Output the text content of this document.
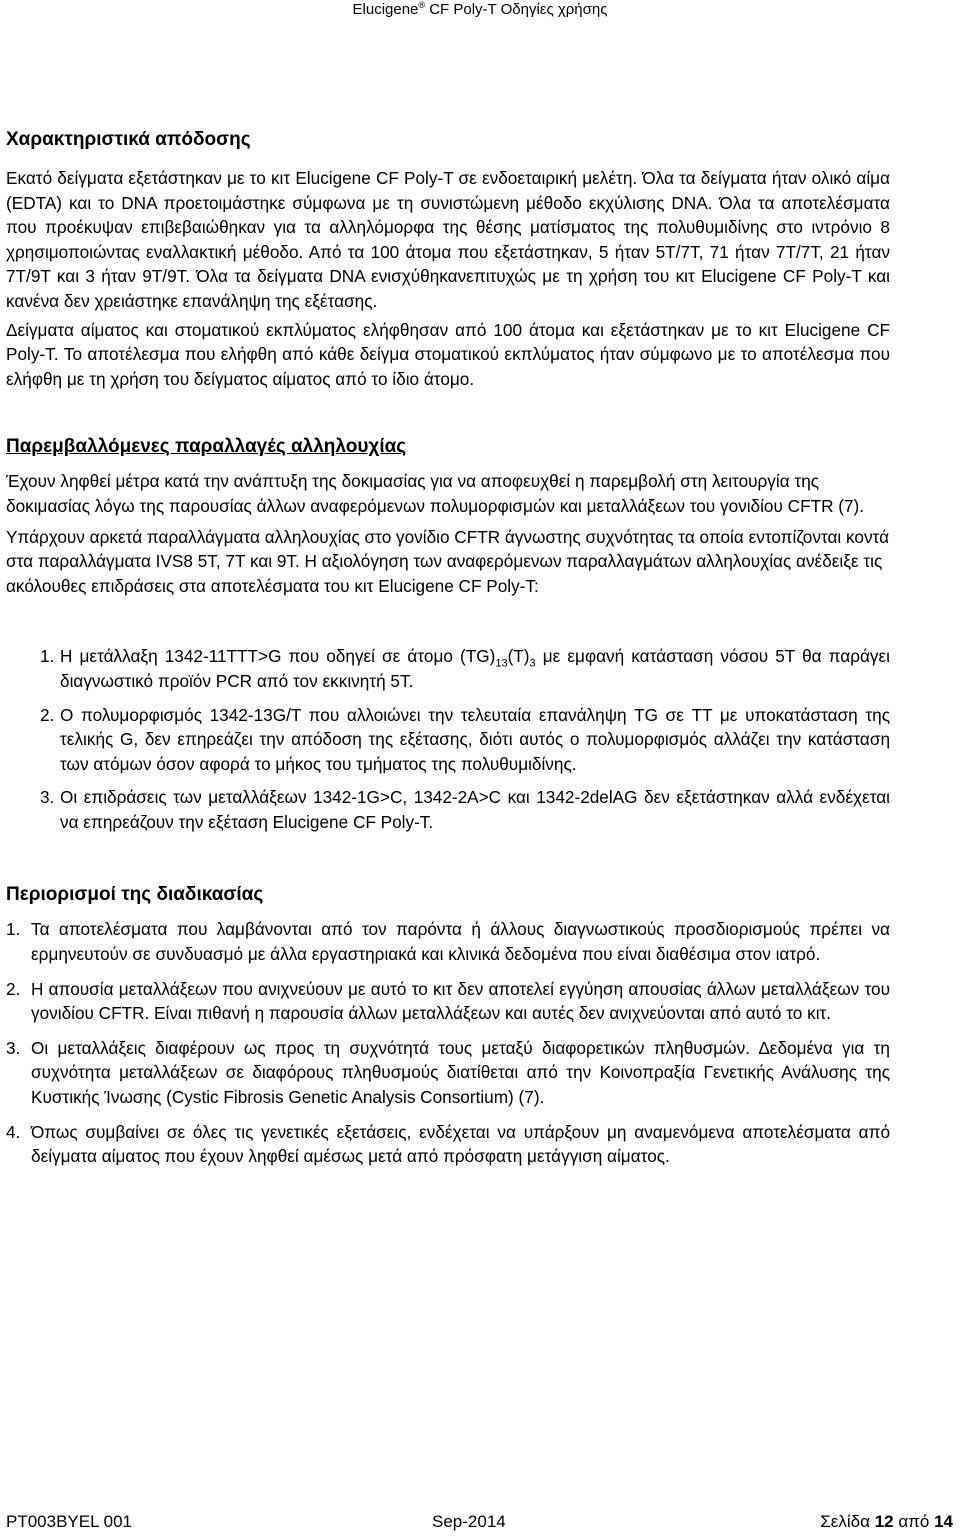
Elucigene® CF Poly-T Οδηγίες χρήσης
Χαρακτηριστικά απόδοσης

Εκατό δείγματα εξετάστηκαν με το κιτ Elucigene CF Poly-T σε ενδοεταιρική μελέτη. Όλα τα δείγματα ήταν ολικό αίμα (EDTA) και το DNA προετοιμάστηκε σύμφωνα με τη συνιστώμενη μέθοδο εκχύλισης DNA. Όλα τα αποτελέσματα που προέκυψαν επιβεβαιώθηκαν για τα αλληλόμορφα της θέσης ματίσματος της πολυθυμιδίνης στο ιντρόνιο 8 χρησιμοποιώντας εναλλακτική μέθοδο. Από τα 100 άτομα που εξετάστηκαν, 5 ήταν 5T/7T, 71 ήταν 7T/7T, 21 ήταν 7T/9T και 3 ήταν 9T/9T. Όλα τα δείγματα DNA ενισχύθηκανεπιτυχώς με τη χρήση του κιτ Elucigene CF Poly-T και κανένα δεν χρειάστηκε επανάληψη της εξέτασης.

Δείγματα αίματος και στοματικού εκπλύματος ελήφθησαν από 100 άτομα και εξετάστηκαν με το κιτ Elucigene CF Poly-T. Το αποτέλεσμα που ελήφθη από κάθε δείγμα στοματικού εκπλύματος ήταν σύμφωνο με το αποτέλεσμα που ελήφθη με τη χρήση του δείγματος αίματος από το ίδιο άτομο.

Παρεμβαλλόμενες παραλλαγές αλληλουχίας

Έχουν ληφθεί μέτρα κατά την ανάπτυξη της δοκιμασίας για να αποφευχθεί η παρεμβολή στη λειτουργία της δοκιμασίας λόγω της παρουσίας άλλων αναφερόμενων πολυμορφισμών και μεταλλάξεων του γονιδίου CFTR (7).

Υπάρχουν αρκετά παραλλάγματα αλληλουχίας στο γονίδιο CFTR άγνωστης συχνότητας τα οποία εντοπίζονται κοντά στα παραλλάγματα IVS8 5T, 7T και 9T. Η αξιολόγηση των αναφερόμενων παραλλαγμάτων αλληλουχίας ανέδειξε τις ακόλουθες επιδράσεις στα αποτελέσματα του κιτ Elucigene CF Poly-T:

1. Η μετάλλαξη 1342-11TTT>G που οδηγεί σε άτομο $(TG)_{13}(T)_3$ με εμφανή κατάσταση νόσου 5T θα παράγει διαγνωστικό προϊόν PCR από τον εκκινητή 5T.

2. Ο πολυμορφισμός 1342-13G/T που αλλοιώνει την τελευταία επανάληψη TG σε TT με υποκατάσταση της τελικής G, δεν επηρεάζει την απόδοση της εξέτασης, διότι αυτός ο πολυμορφισμός αλλάζει την κατάσταση των ατόμων όσον αφορά το μήκος του τμήματος της πολυθυμιδίνης.

3. Οι επιδράσεις των μεταλλάξεων 1342-1G>C, 1342-2A>C και 1342-2delAG δεν εξετάστηκαν αλλά ενδέχεται να επηρεάζουν την εξέταση Elucigene CF Poly-T.

Περιορισμοί της διαδικασίας
1. Τα αποτελέσματα που λαμβάνονται από τον παρόντα ή άλλους διαγνωστικούς προσδιορισμούς πρέπει να ερμηνευτούν σε συνδυασμό με άλλα εργαστηριακά και κλινικά δεδομένα που είναι διαθέσιμα στον ιατρό.

2. Η απουσία μεταλλάξεων που ανιχνεύουν με αυτό το κιτ δεν αποτελεί εγγύηση απουσίας άλλων μεταλλάξεων του γονιδίου CFTR. Είναι πιθανή η παρουσία άλλων μεταλλάξεων και αυτές δεν ανιχνεύονται από αυτό το κιτ.

3. Οι μεταλλάξεις διαφέρουν ως προς τη συχνότητά τους μεταξύ διαφορετικών πληθυσμών. Δεδομένα για τη συχνότητα μεταλλάξεων σε διαφόρους πληθυσμούς διατίθεται από την Κοινοπραξία Γενετικής Ανάλυσης της Κυστικής Ίνωσης (Cystic Fibrosis Genetic Analysis Consortium) (7).

4. Όπως συμβαίνει σε όλες τις γενετικές εξετάσεις, ενδέχεται να υπάρξουν μη αναμενόμενα αποτελέσματα από δείγματα αίματος που έχουν ληφθεί αμέσως μετά από πρόσφατη μετάγγιση αίματος.

PT003BYEL 001	Sep-2014	Σελίδα 12 από 14
